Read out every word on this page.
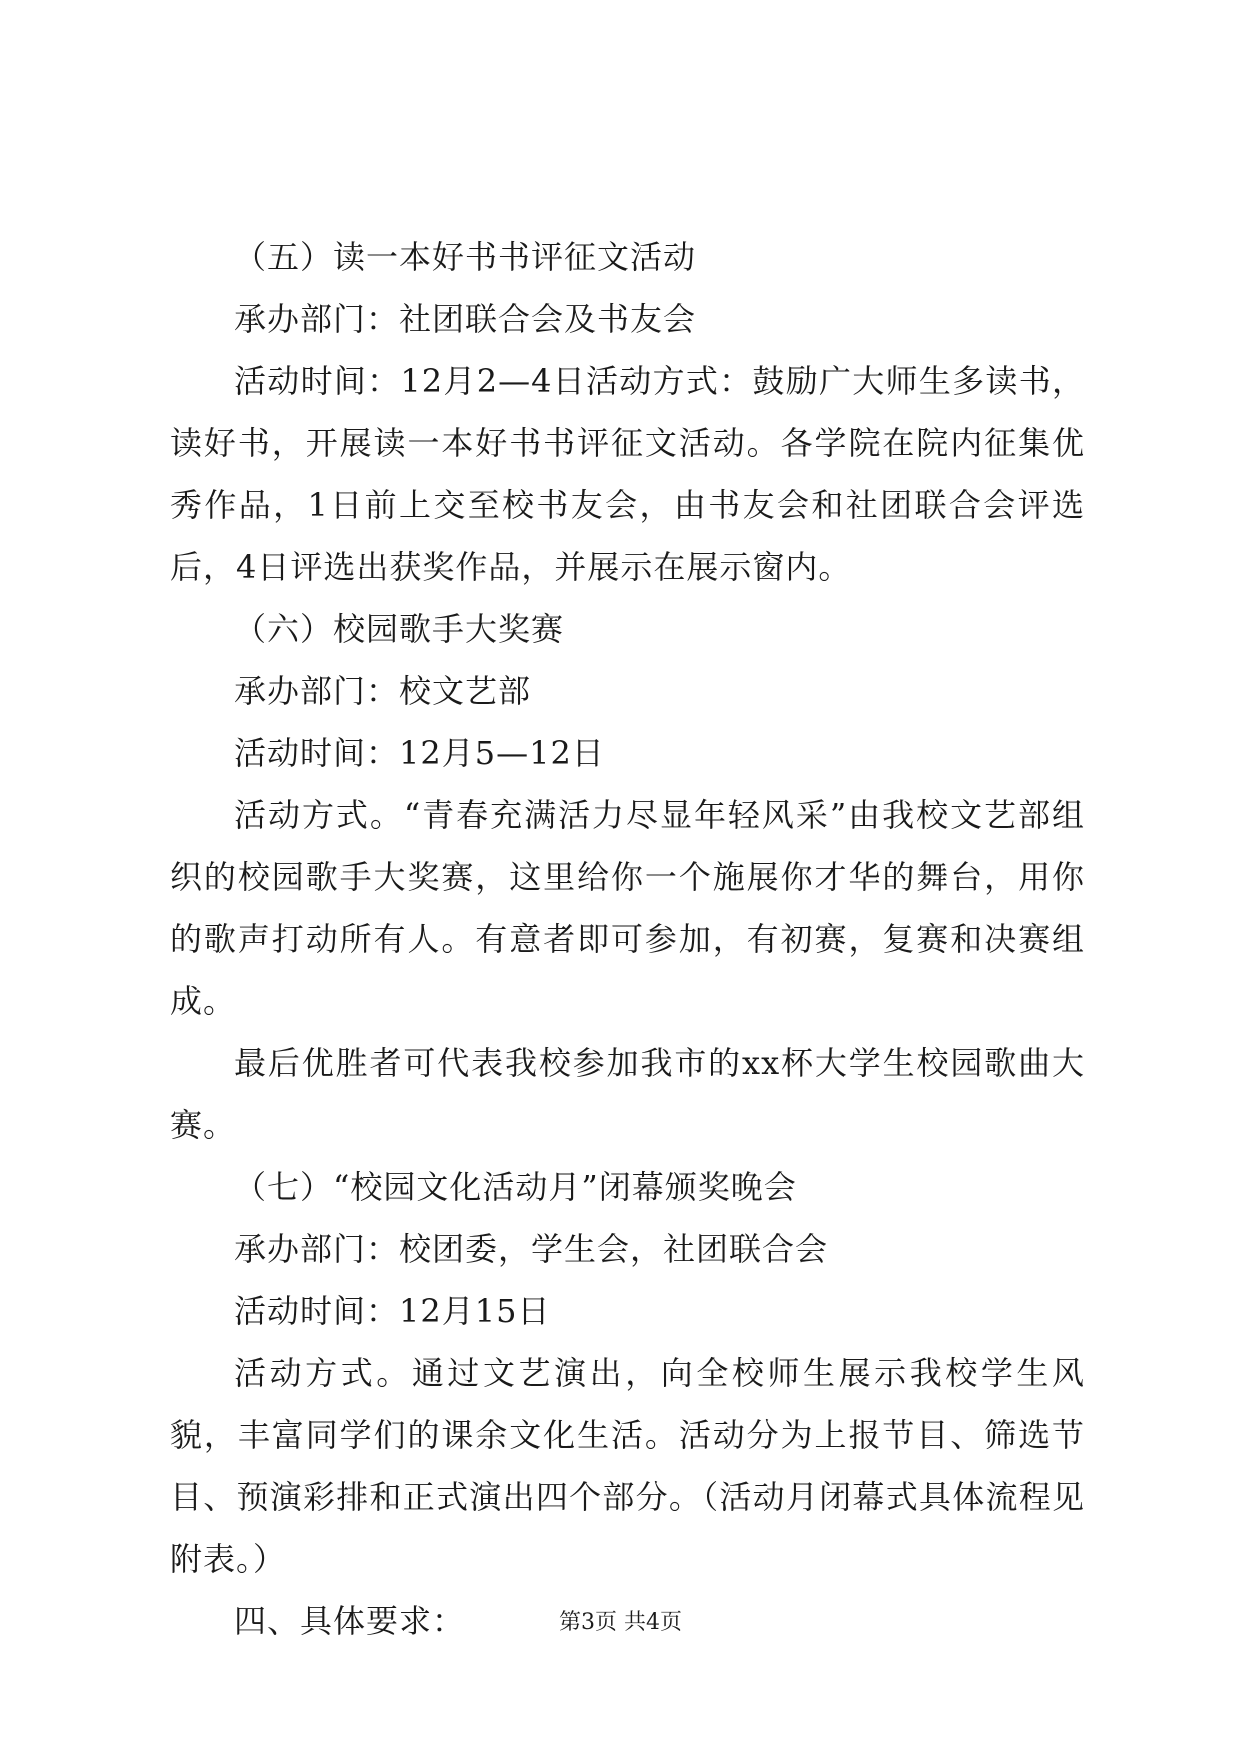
（五）读一本好书书评征文活动

承办部门：社团联合会及书友会

活动时间：12月2—4日活动方式：鼓励广大师生多读书，读好书，开展读一本好书书评征文活动。各学院在院内征集优秀作品，1日前上交至校书友会，由书友会和社团联合会评选后，4日评选出获奖作品，并展示在展示窗内。

（六）校园歌手大奖赛

承办部门：校文艺部

活动时间：12月5—12日

活动方式。“青春充满活力尽显年轻风采”由我校文艺部组织的校园歌手大奖赛，这里给你一个施展你才华的舞台，用你的歌声打动所有人。有意者即可参加，有初赛，复赛和决赛组成。

最后优胜者可代表我校参加我市的xx杯大学生校园歌曲大赛。

（七）“校园文化活动月”闭幕颁奖晚会

承办部门：校团委，学生会，社团联合会

活动时间：12月15日

活动方式。通过文艺演出，向全校师生展示我校学生风貌，丰富同学们的课余文化生活。活动分为上报节目、筛选节目、预演彩排和正式演出四个部分。（活动月闭幕式具体流程见附表。）

四、具体要求：	第3页 共4页
